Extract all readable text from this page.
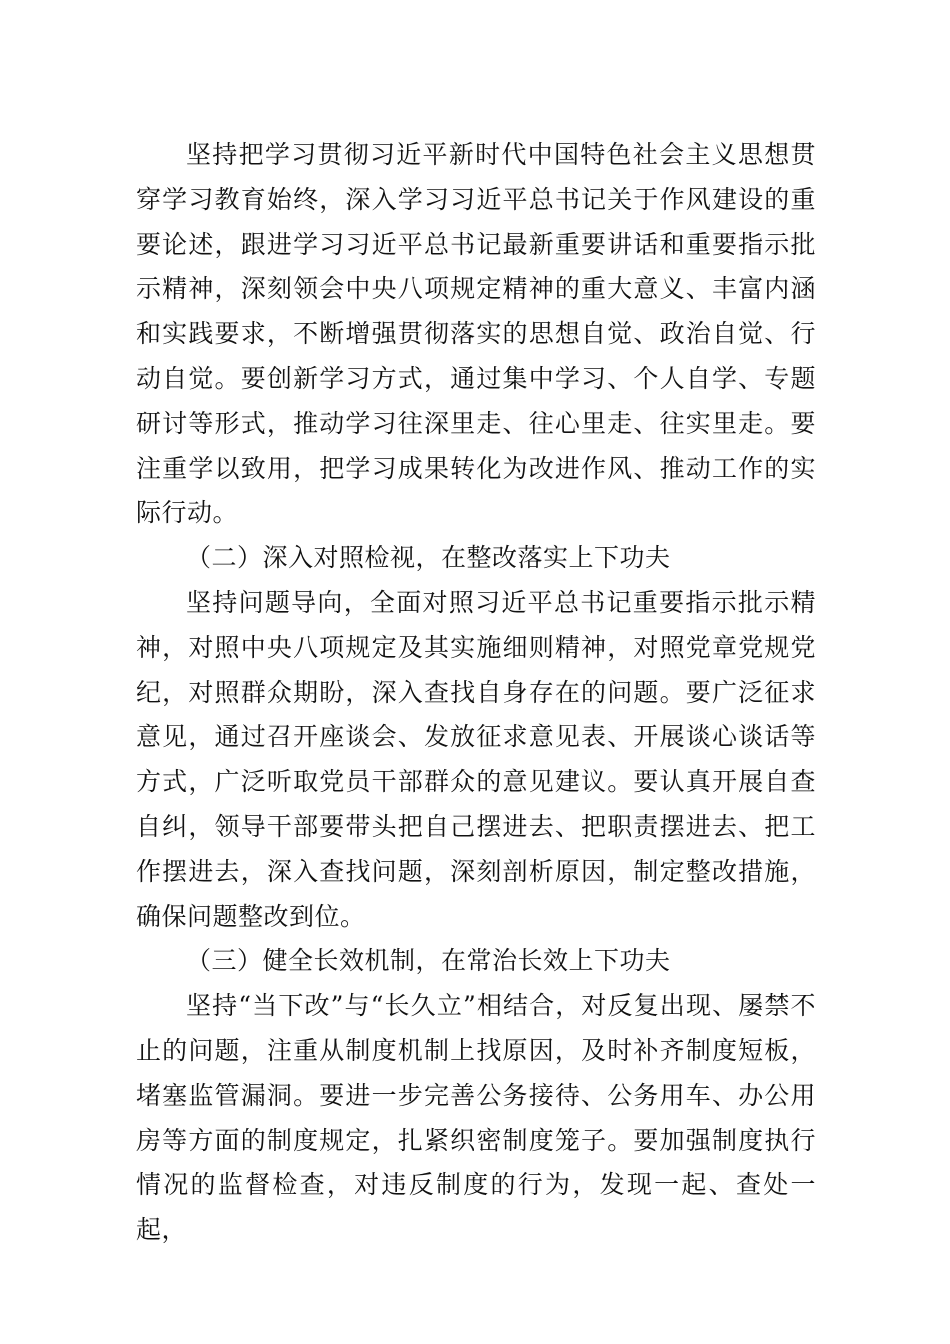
坚持把学习贯彻习近平新时代中国特色社会主义思想贯穿学习教育始终，深入学习习近平总书记关于作风建设的重要论述，跟进学习习近平总书记最新重要讲话和重要指示批示精神，深刻领会中央八项规定精神的重大意义、丰富内涵和实践要求，不断增强贯彻落实的思想自觉、政治自觉、行动自觉。要创新学习方式，通过集中学习、个人自学、专题研讨等形式，推动学习往深里走、往心里走、往实里走。要注重学以致用，把学习成果转化为改进作风、推动工作的实际行动。

（二）深入对照检视，在整改落实上下功夫

坚持问题导向，全面对照习近平总书记重要指示批示精神，对照中央八项规定及其实施细则精神，对照党章党规党纪，对照群众期盼，深入查找自身存在的问题。要广泛征求意见，通过召开座谈会、发放征求意见表、开展谈心谈话等方式，广泛听取党员干部群众的意见建议。要认真开展自查自纠，领导干部要带头把自己摆进去、把职责摆进去、把工作摆进去，深入查找问题，深刻剖析原因，制定整改措施，确保问题整改到位。

（三）健全长效机制，在常治长效上下功夫

坚持“当下改”与“长久立”相结合，对反复出现、屡禁不止的问题，注重从制度机制上找原因，及时补齐制度短板，堵塞监管漏洞。要进一步完善公务接待、公务用车、办公用房等方面的制度规定，扎紧织密制度笼子。要加强制度执行情况的监督检查，对违反制度的行为，发现一起、查处一起，
